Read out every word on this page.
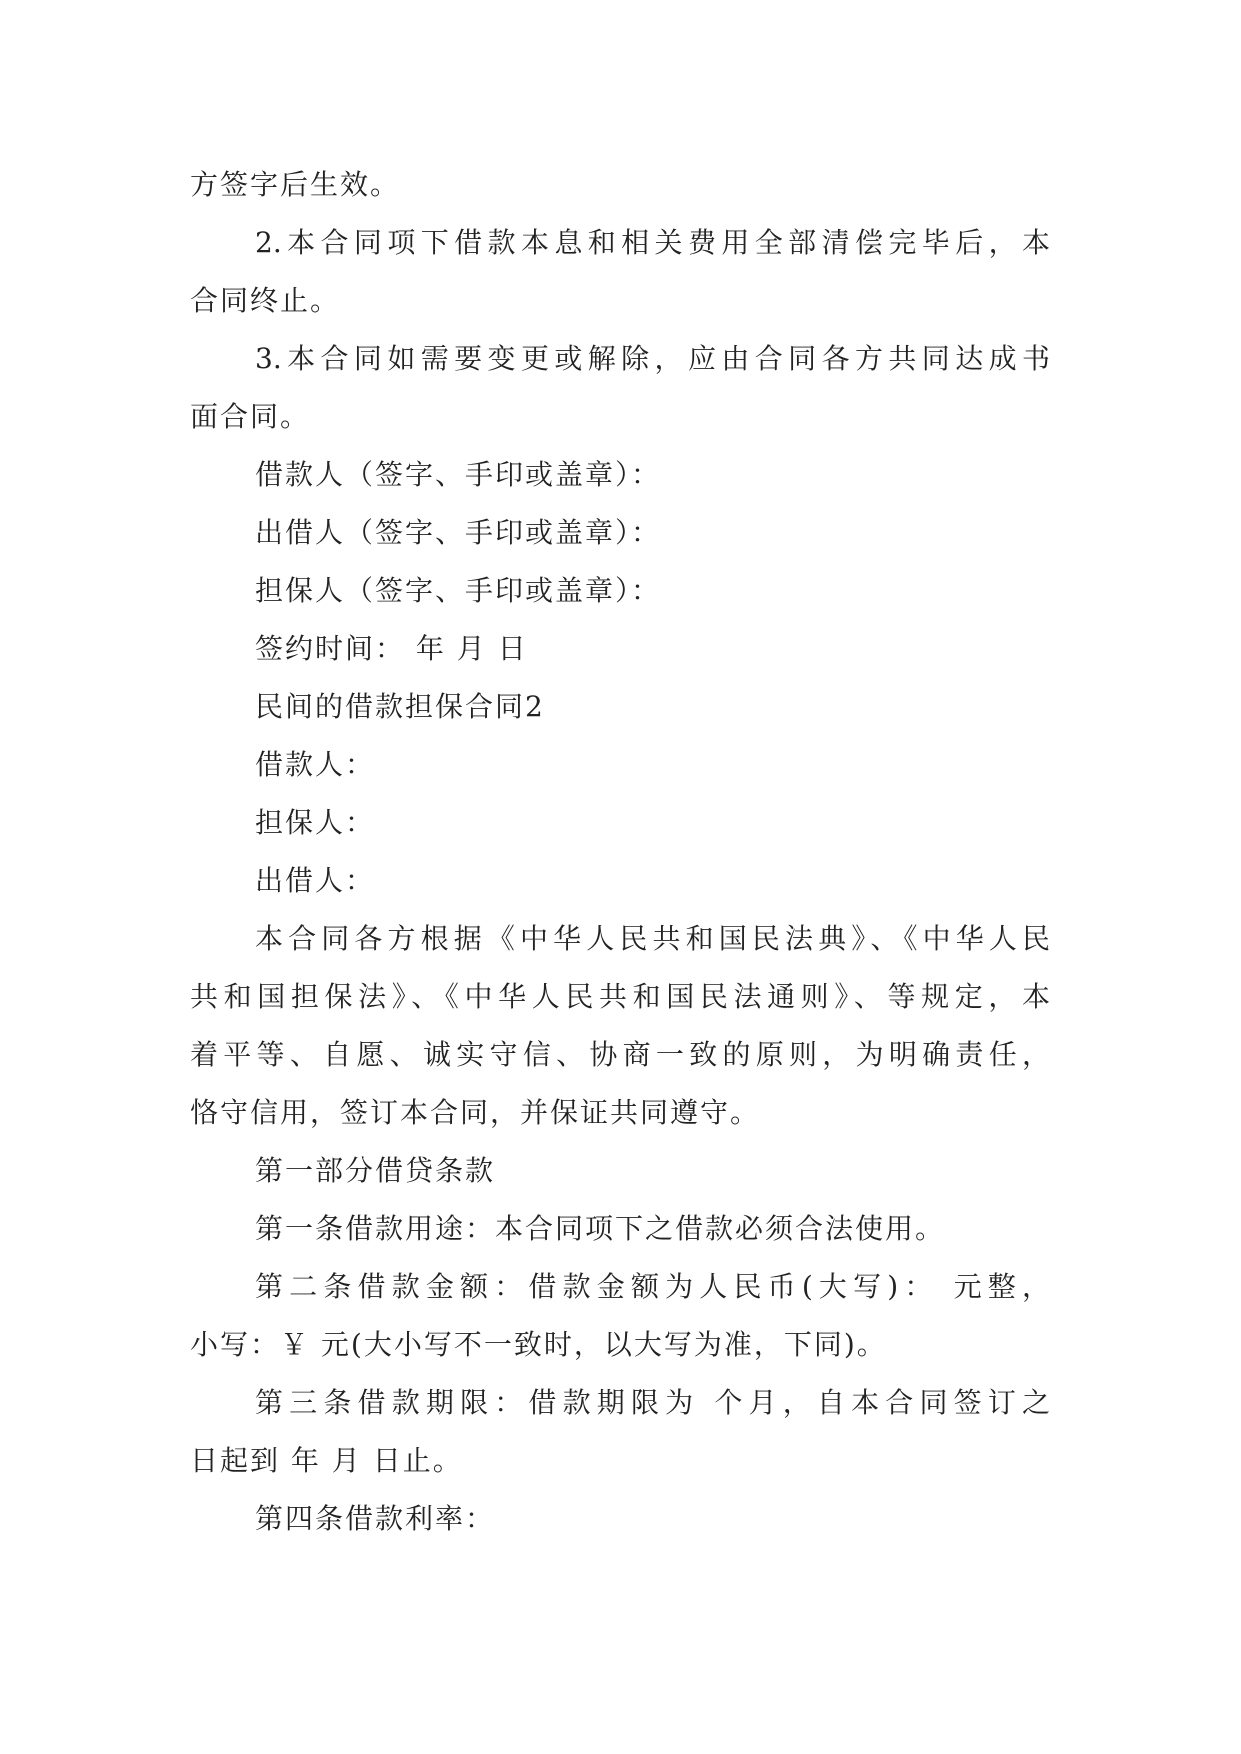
方签字后生效。
2.本合同项下借款本息和相关费用全部清偿完毕后，本
合同终止。
3.本合同如需要变更或解除，应由合同各方共同达成书
面合同。
借款人（签字、手印或盖章）：
出借人（签字、手印或盖章）：
担保人（签字、手印或盖章）：
签约时间： 年 月 日
民间的借款担保合同2
借款人：
担保人：
出借人：
本合同各方根据《中华人民共和国民法典》、《中华人民
共和国担保法》、《中华人民共和国民法通则》、等规定，本
着平等、自愿、诚实守信、协商一致的原则，为明确责任，
恪守信用，签订本合同，并保证共同遵守。
第一部分借贷条款
第一条借款用途：本合同项下之借款必须合法使用。
第二条借款金额：借款金额为人民币(大写)： 元整，
小写：￥ 元(大小写不一致时，以大写为准，下同)。
第三条借款期限：借款期限为 个月，自本合同签订之
日起到 年 月 日止。
第四条借款利率：
